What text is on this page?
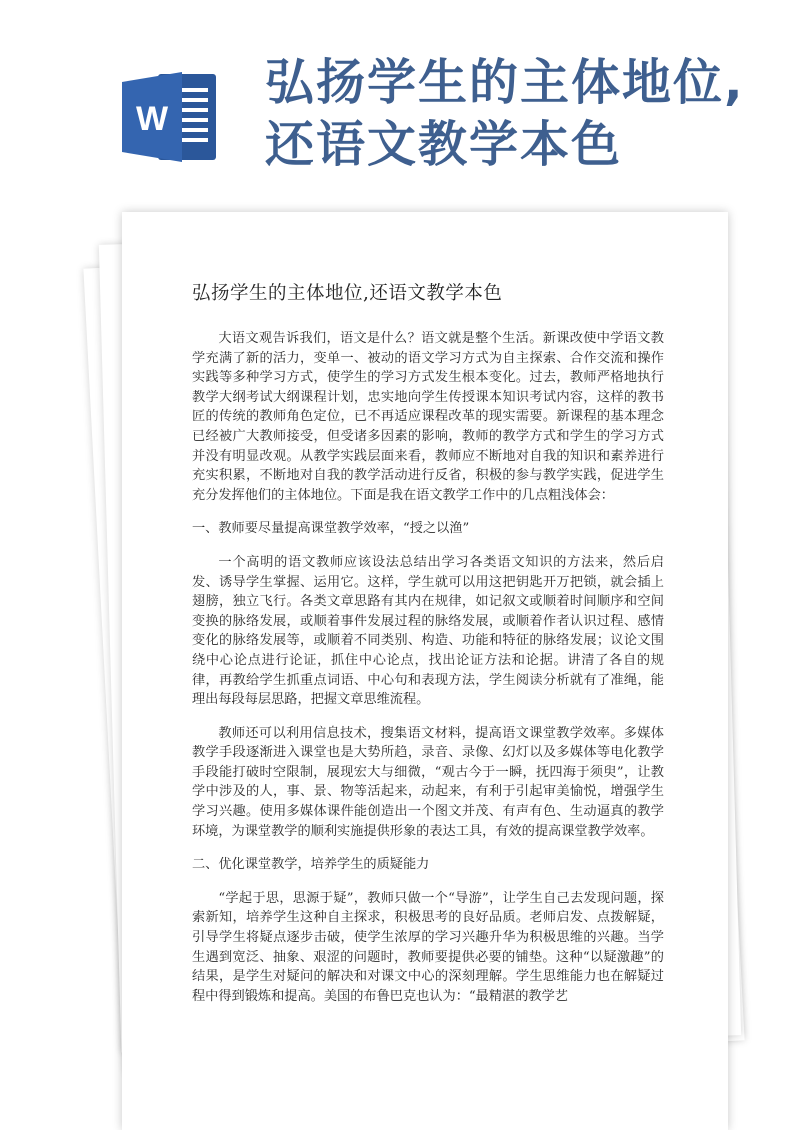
W
弘扬学生的主体地位,还语文教学本色
弘扬学生的主体地位,还语文教学本色

大语文观告诉我们，语文是什么？语文就是整个生活。新课改使中学语文教学充满了新的活力，变单一、被动的语文学习方式为自主探索、合作交流和操作实践等多种学习方式，使学生的学习方式发生根本变化。过去，教师严格地执行教学大纲考试大纲课程计划，忠实地向学生传授课本知识考试内容，这样的教书匠的传统的教师角色定位，已不再适应课程改革的现实需要。新课程的基本理念已经被广大教师接受，但受诸多因素的影响，教师的教学方式和学生的学习方式并没有明显改观。从教学实践层面来看，教师应不断地对自我的知识和素养进行充实积累，不断地对自我的教学活动进行反省，积极的参与教学实践，促进学生充分发挥他们的主体地位。下面是我在语文教学工作中的几点粗浅体会：

一、教师要尽量提高课堂教学效率，“授之以渔”

一个高明的语文教师应该设法总结出学习各类语文知识的方法来，然后启发、诱导学生掌握、运用它。这样，学生就可以用这把钥匙开万把锁，就会插上翅膀，独立飞行。各类文章思路有其内在规律，如记叙文或顺着时间顺序和空间变换的脉络发展，或顺着事件发展过程的脉络发展，或顺着作者认识过程、感情变化的脉络发展等，或顺着不同类别、构造、功能和特征的脉络发展；议论文围绕中心论点进行论证，抓住中心论点，找出论证方法和论据。讲清了各自的规律，再教给学生抓重点词语、中心句和表现方法，学生阅读分析就有了准绳，能理出每段每层思路，把握文章思维流程。

教师还可以利用信息技术，搜集语文材料，提高语文课堂教学效率。多媒体教学手段逐渐进入课堂也是大势所趋，录音、录像、幻灯以及多媒体等电化教学手段能打破时空限制，展现宏大与细微，“观古今于一瞬，抚四海于须臾”，让教学中涉及的人，事、景、物等活起来，动起来，有利于引起审美愉悦，增强学生学习兴趣。使用多媒体课件能创造出一个图文并茂、有声有色、生动逼真的教学环境，为课堂教学的顺利实施提供形象的表达工具，有效的提高课堂教学效率。

二、优化课堂教学，培养学生的质疑能力

“学起于思，思源于疑”，教师只做一个“导游”，让学生自己去发现问题，探索新知，培养学生这种自主探求，积极思考的良好品质。老师启发、点拨解疑，引导学生将疑点逐步击破，使学生浓厚的学习兴趣升华为积极思维的兴趣。当学生遇到宽泛、抽象、艰涩的问题时，教师要提供必要的铺垫。这种“以疑激趣”的结果，是学生对疑问的解决和对课文中心的深刻理解。学生思维能力也在解疑过程中得到锻炼和提高。美国的布鲁巴克也认为：“最精湛的教学艺
